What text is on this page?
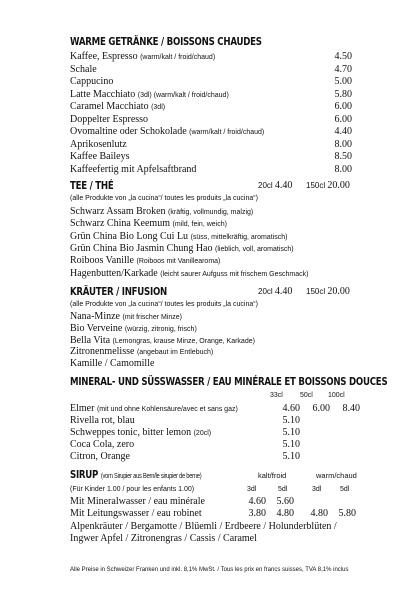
WARME GETRÄNKE / BOISSONS CHAUDES
Kaffee, Espresso (warm/kalt / froid/chaud)	4.50
Schale	4.70
Cappucino	5.00
Latte Macchiato (3dl) (warm/kalt / froid/chaud)	5.80
Caramel Macchiato (3dl)	6.00
Doppelter Espresso	6.00
Ovomaltine oder Schokolade (warm/kalt / froid/chaud)	4.40
Aprikosenlutz	8.00
Kaffee Baileys	8.50
Kaffeefertig mit Apfelsaftbrand	8.00
TEE / THÉ	20cl 4.40 150cl 20.00
(alle Produkte von „la cucina“/ toutes les produits „la cucina“)
Schwarz Assam Broken (kräftig, vollmundig, malzig)
Schwarz China Keemum (mild, fein, weich)
Grün China Bio Long Cui Lu (süss, mittelkräftig, aromatisch)
Grün China Bio Jasmin Chung Hao (lieblich, voll, aromatisch)
Roiboos Vanille (Roiboos mit Vanillearoma)
Hagenbutten/Karkade (leicht saurer Aufguss mit frischem Geschmack)
KRÄUTER / INFUSION	20cl 4.40 150cl 20.00
(alle Produkte von „la cucina“/ toutes les produits „la cucina“)
Nana-Minze (mit frischer Minze)
Bio Verveine (würzig, zitronig, frisch)
Bella Vita (Lemongras, krause Minze, Orange, Karkade)
Zitronenmelisse (angebaut im Entlebuch)
Kamille / Camomille
MINERAL- UND SÜSSWASSER / EAU MINÉRALE ET BOISSONS DOUCES
33cl 50cl 100cl
Elmer (mit und ohne Kohlensäure/avec et sans gaz)	4.60	6.00	8.40
Rivella rot, blau	5.10
Schweppes tonic, bitter lemon (20cl)	5.10
Coca Cola, zero	5.10
Citron, Orange	5.10
SIRUP (vom Sirupier aus Bern/le sirupier de berne)	kalt/froid	warm/chaud
(Für Kinder 1.00 / pour les enfants 1.00)	3dl	5dl	3dl	5dl
Mit Mineralwasser / eau minérale	4.60	5.60
Mit Leitungswasser / eau robinet	3.80	4.80	4.80	5.80
Alpenkräuter / Bergamotte / Blüemli / Erdbeere / Holunderblüten /
Ingwer Apfel / Zitronengras / Cassis / Caramel
Alle Preise in Schweizer Franken und inkl. 8,1% MwSt. / Tous les prix en francs suisses, TVA 8,1% inclus
